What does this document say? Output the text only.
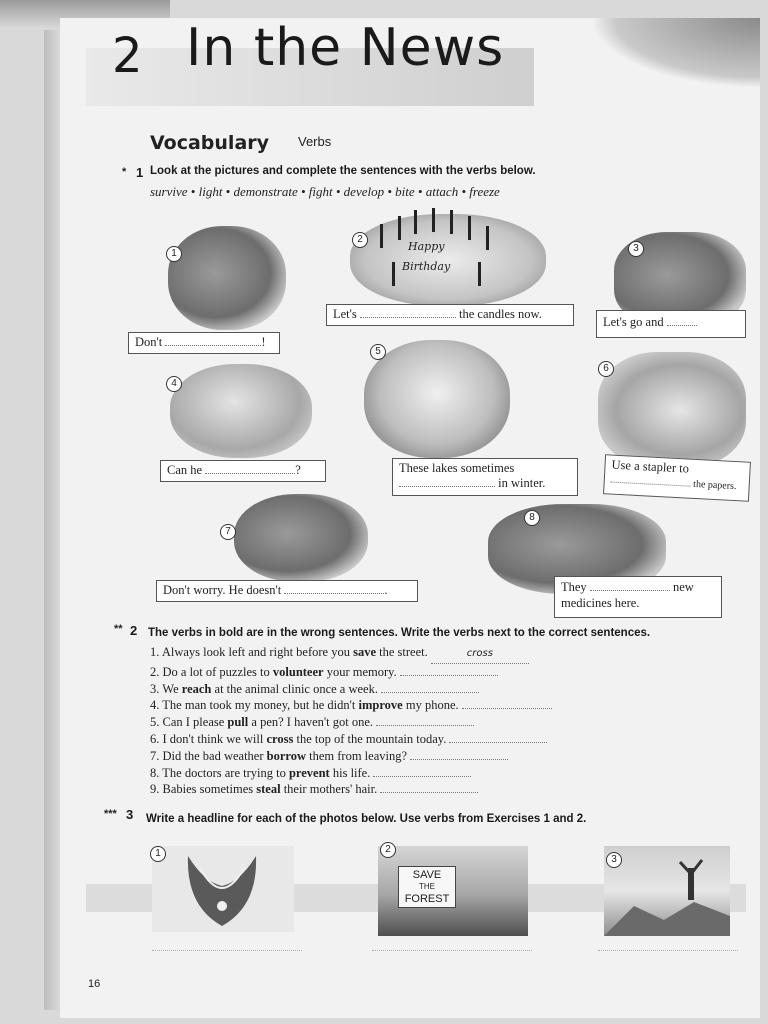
2 In the News
Vocabulary Verbs
* 1 Look at the pictures and complete the sentences with the verbs below.
survive • light • demonstrate • fight • develop • bite • attach • freeze
1
Don't	!
2
Happy
Birthday
Let's	the candles now.
3
Let's go and
4
Can he	?
5
These lakes sometimes
in winter.
6
Use a stapler to
the papers.
7
Don't worry. He doesn't	.
8
They	new
medicines here.
** 2 The verbs in bold are in the wrong sentences. Write the verbs next to the correct sentences.
1. Always look left and right before you save the street.	cross
2. Do a lot of puzzles to volunteer your memory.
3. We reach at the animal clinic once a week.
4. The man took my money, but he didn't improve my phone.
5. Can I please pull a pen? I haven't got one.
6. I don't think we will cross the top of the mountain today.
7. Did the bad weather borrow them from leaving?
8. The doctors are trying to prevent his life.
9. Babies sometimes steal their mothers' hair.
*** 3 Write a headline for each of the photos below. Use verbs from Exercises 1 and 2.
1
SAVE
THE
FOREST
2
3
16
